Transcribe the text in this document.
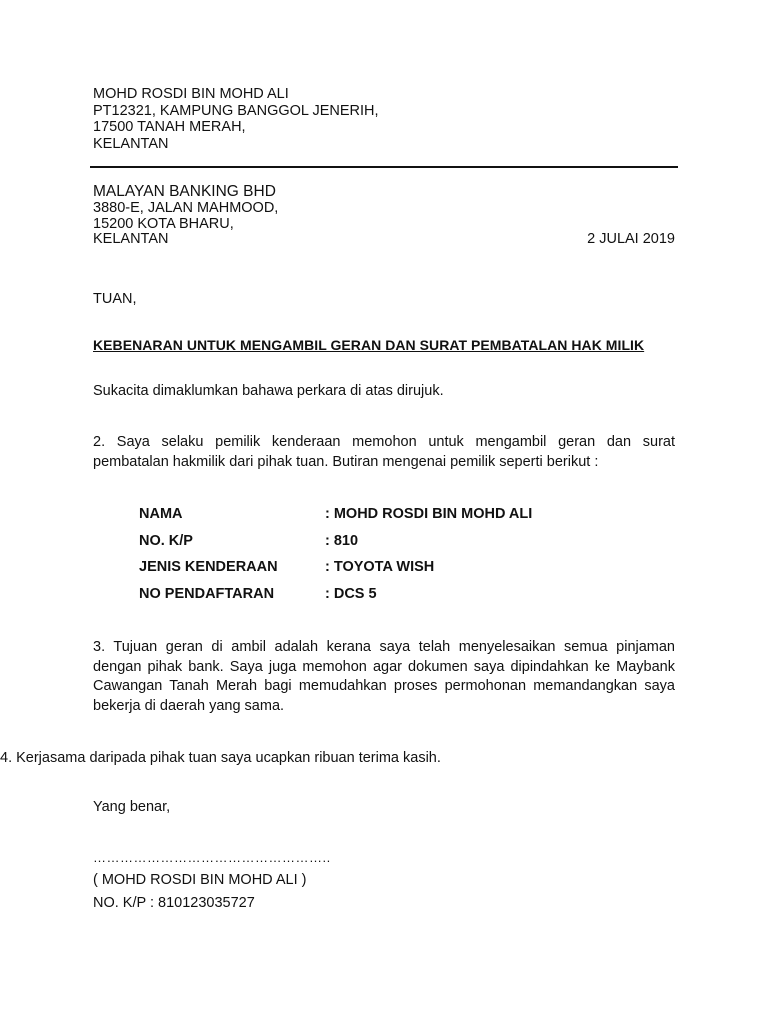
MOHD ROSDI BIN MOHD ALI
PT12321, KAMPUNG BANGGOL JENERIH,
17500 TANAH MERAH,
KELANTAN
MALAYAN BANKING BHD
3880-E, JALAN MAHMOOD,
15200 KOTA BHARU,
KELANTAN	2 JULAI 2019
TUAN,
KEBENARAN UNTUK MENGAMBIL GERAN DAN SURAT PEMBATALAN HAK MILIK
Sukacita dimaklumkan bahawa perkara di atas dirujuk.
2. Saya selaku pemilik kenderaan memohon untuk mengambil geran dan surat pembatalan hakmilik dari pihak tuan. Butiran mengenai pemilik seperti berikut :
NAMA	: MOHD ROSDI BIN MOHD ALI
NO. K/P	: 810
JENIS KENDERAAN	: TOYOTA WISH
NO PENDAFTARAN	: DCS 5
3. Tujuan geran di ambil adalah kerana saya telah menyelesaikan semua pinjaman dengan pihak bank. Saya juga memohon agar dokumen saya dipindahkan ke Maybank Cawangan Tanah Merah bagi memudahkan proses permohonan memandangkan saya bekerja di daerah yang sama.
4. Kerjasama daripada pihak tuan saya ucapkan ribuan terima kasih.
Yang benar,
……………………………………………..
( MOHD ROSDI BIN MOHD ALI )
NO. K/P : 810123035727
